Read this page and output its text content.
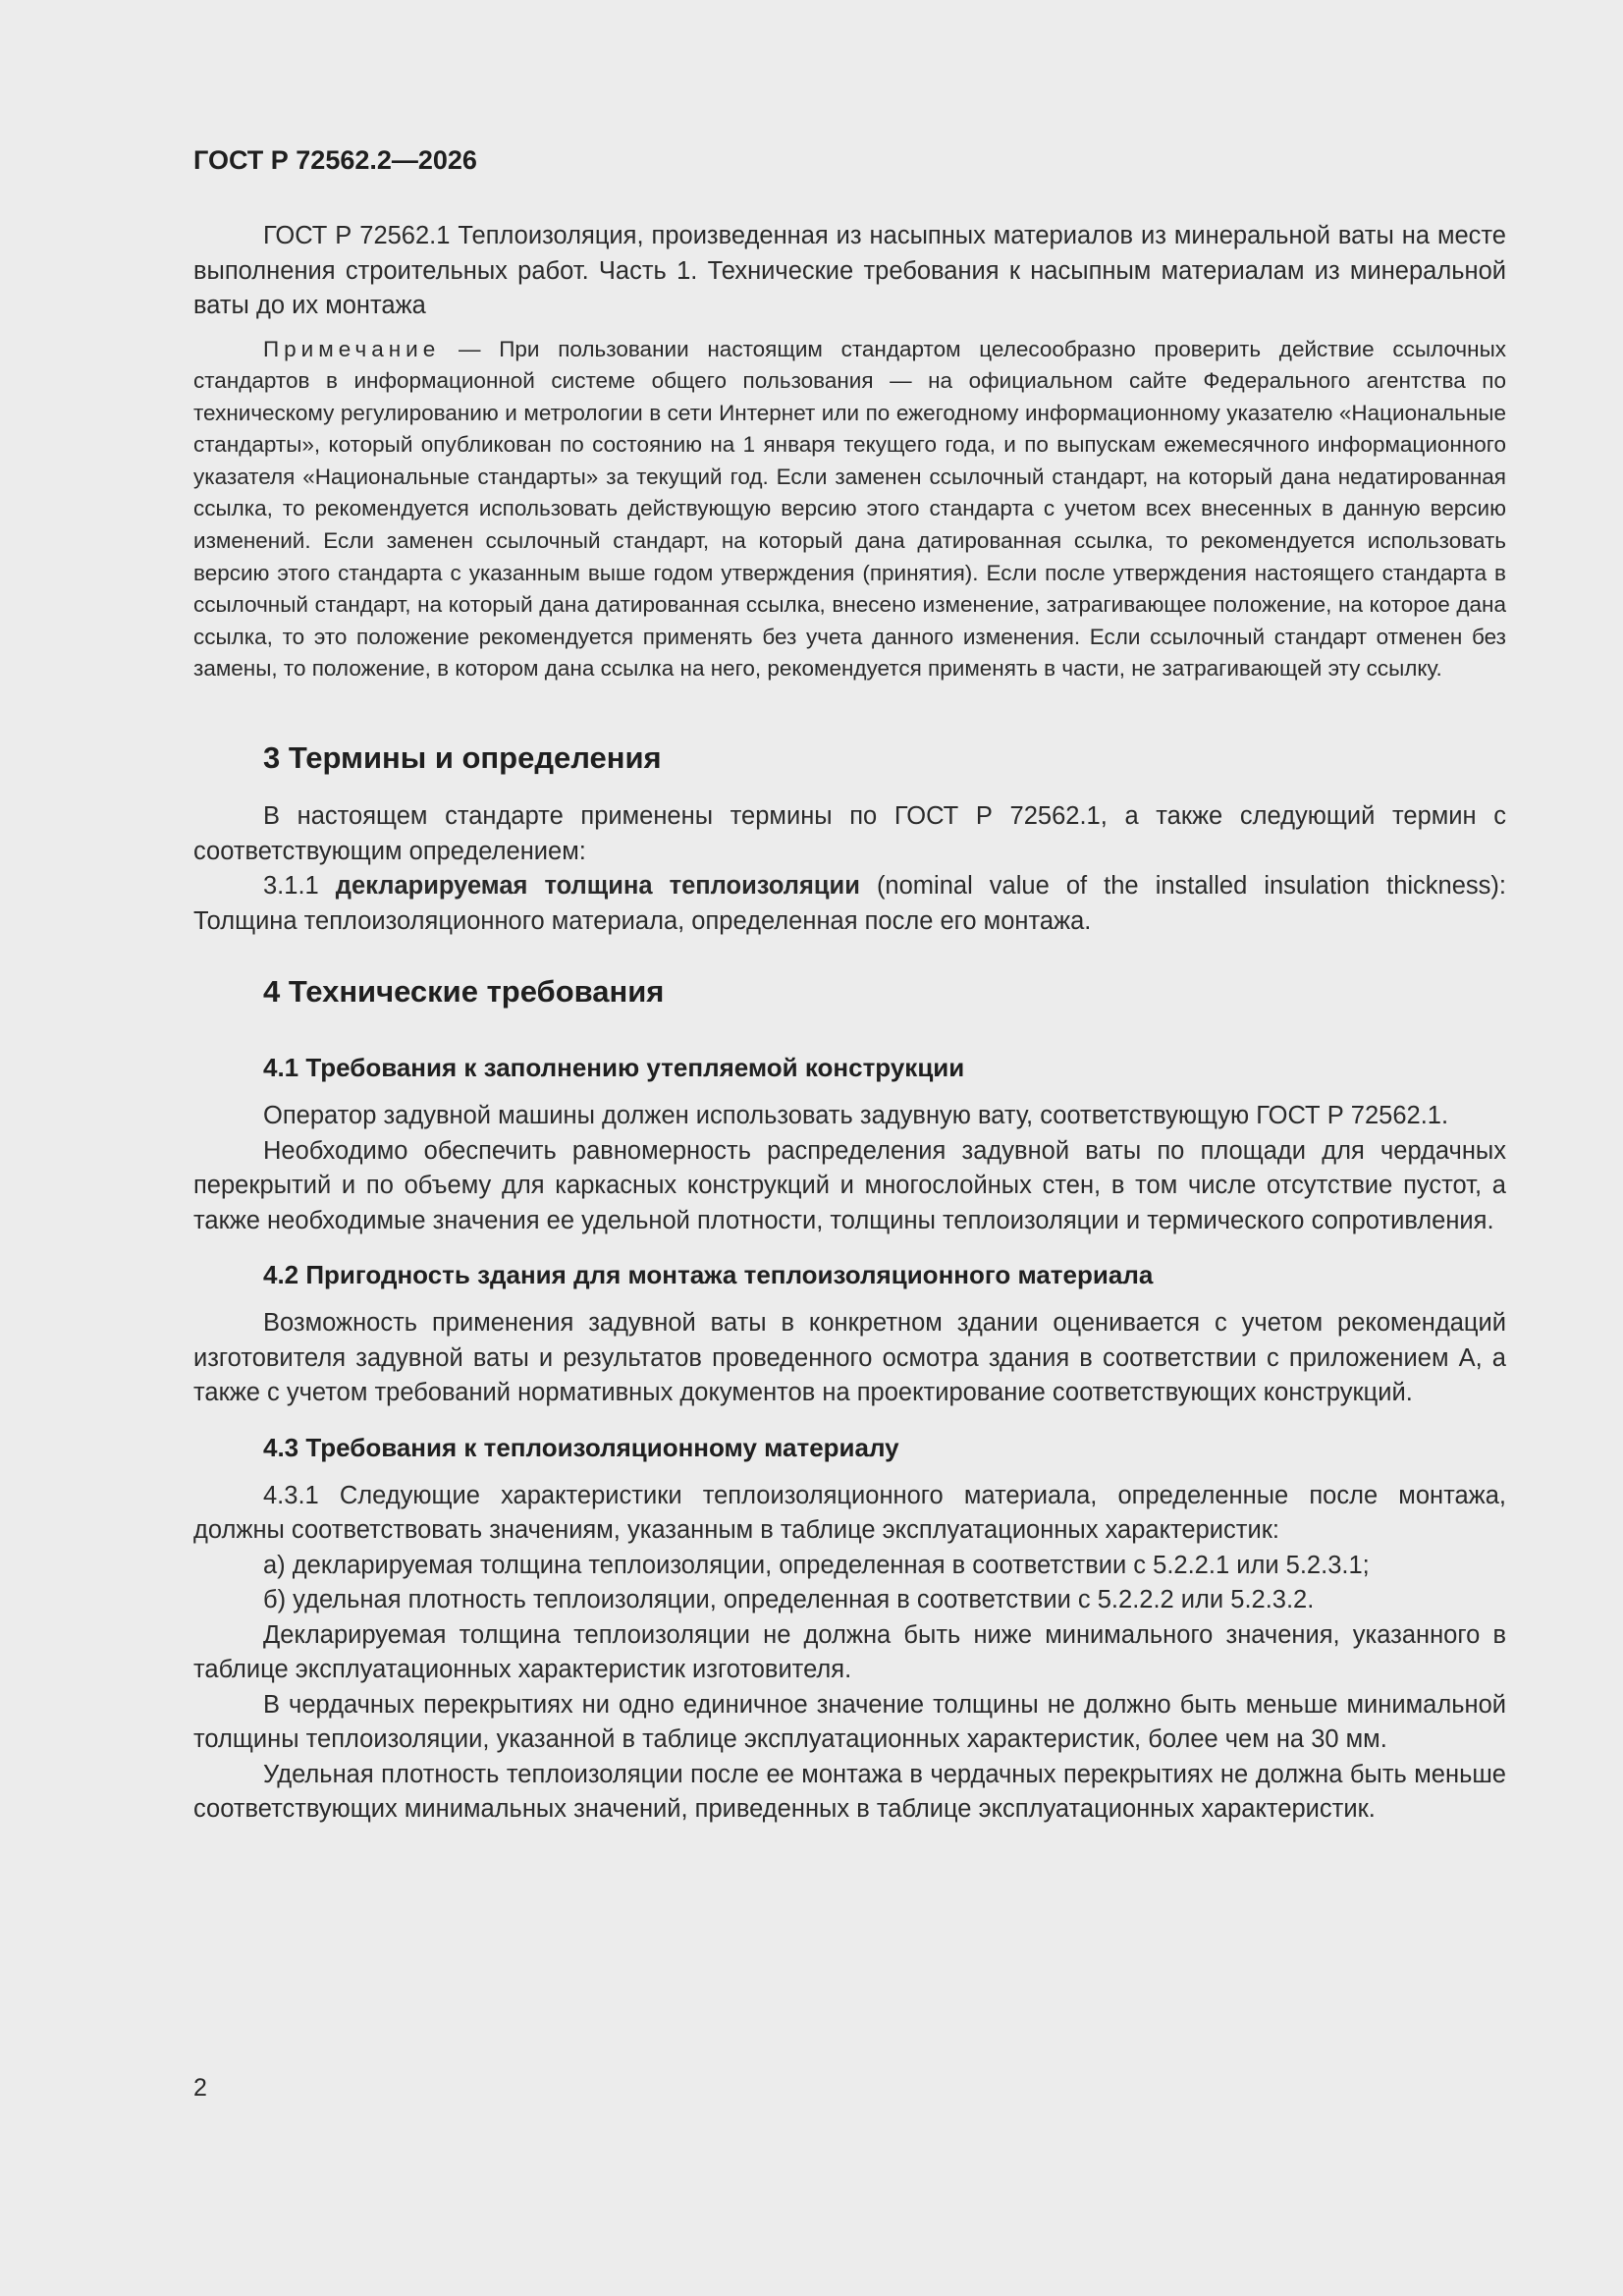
ГОСТ Р 72562.2—2026

ГОСТ Р 72562.1 Теплоизоляция, произведенная из насыпных материалов из минеральной ваты на месте выполнения строительных работ. Часть 1. Технические требования к насыпным материалам из минеральной ваты до их монтажа

Примечание — При пользовании настоящим стандартом целесообразно проверить действие ссылочных стандартов в информационной системе общего пользования — на официальном сайте Федерального агентства по техническому регулированию и метрологии в сети Интернет или по ежегодному информационному указателю «Национальные стандарты», который опубликован по состоянию на 1 января текущего года, и по выпускам ежемесячного информационного указателя «Национальные стандарты» за текущий год. Если заменен ссылочный стандарт, на который дана недатированная ссылка, то рекомендуется использовать действующую версию этого стандарта с учетом всех внесенных в данную версию изменений. Если заменен ссылочный стандарт, на который дана датированная ссылка, то рекомендуется использовать версию этого стандарта с указанным выше годом утверждения (принятия). Если после утверждения настоящего стандарта в ссылочный стандарт, на который дана датированная ссылка, внесено изменение, затрагивающее положение, на которое дана ссылка, то это положение рекомендуется применять без учета данного изменения. Если ссылочный стандарт отменен без замены, то положение, в котором дана ссылка на него, рекомендуется применять в части, не затрагивающей эту ссылку.

3 Термины и определения

В настоящем стандарте применены термины по ГОСТ Р 72562.1, а также следующий термин с соответствующим определением:

3.1.1 декларируемая толщина теплоизоляции (nominal value of the installed insulation thickness): Толщина теплоизоляционного материала, определенная после его монтажа.

4 Технические требования
4.1 Требования к заполнению утепляемой конструкции

Оператор задувной машины должен использовать задувную вату, соответствующую ГОСТ Р 72562.1.

Необходимо обеспечить равномерность распределения задувной ваты по площади для чердачных перекрытий и по объему для каркасных конструкций и многослойных стен, в том числе отсутствие пустот, а также необходимые значения ее удельной плотности, толщины теплоизоляции и термического сопротивления.

4.2 Пригодность здания для монтажа теплоизоляционного материала

Возможность применения задувной ваты в конкретном здании оценивается с учетом рекомендаций изготовителя задувной ваты и результатов проведенного осмотра здания в соответствии с приложением А, а также с учетом требований нормативных документов на проектирование соответствующих конструкций.

4.3 Требования к теплоизоляционному материалу

4.3.1 Следующие характеристики теплоизоляционного материала, определенные после монтажа, должны соответствовать значениям, указанным в таблице эксплуатационных характеристик:

а) декларируемая толщина теплоизоляции, определенная в соответствии с 5.2.2.1 или 5.2.3.1;

б) удельная плотность теплоизоляции, определенная в соответствии с 5.2.2.2 или 5.2.3.2.

Декларируемая толщина теплоизоляции не должна быть ниже минимального значения, указанного в таблице эксплуатационных характеристик изготовителя.

В чердачных перекрытиях ни одно единичное значение толщины не должно быть меньше минимальной толщины теплоизоляции, указанной в таблице эксплуатационных характеристик, более чем на 30 мм.

Удельная плотность теплоизоляции после ее монтажа в чердачных перекрытиях не должна быть меньше соответствующих минимальных значений, приведенных в таблице эксплуатационных характеристик.

2
